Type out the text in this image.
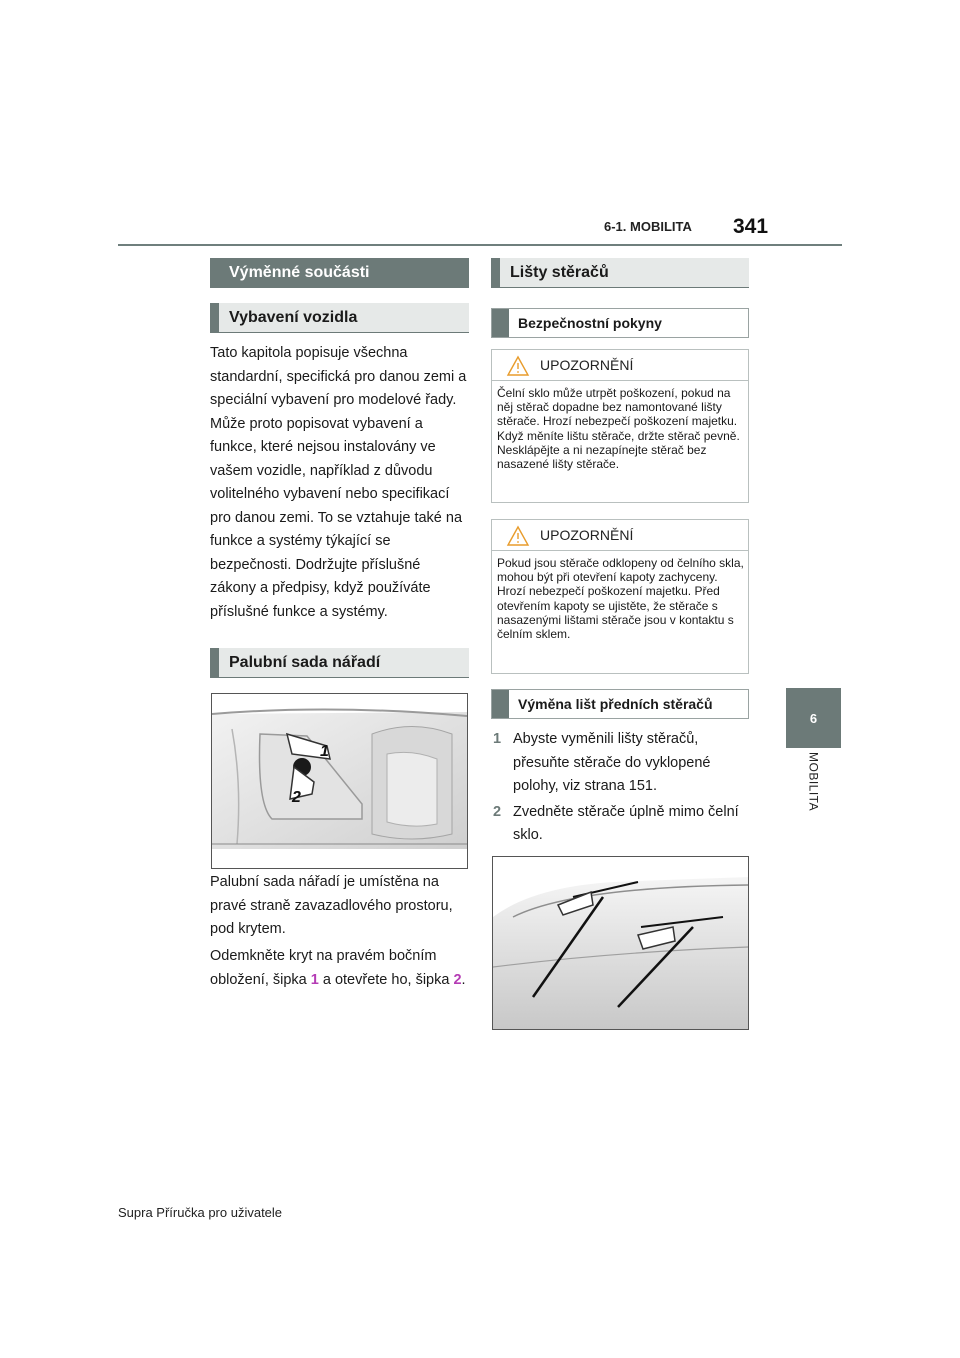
6-1. MOBILITA 341
6
MOBILITA
Výměnné součásti
Vybavení vozidla

Tato kapitola popisuje všechna standardní, specifická pro danou zemi a speciální vybavení pro modelové řady. Může proto popisovat vybavení a funkce, které nejsou instalovány ve vašem vozidle, například z důvodu volitelného vybavení nebo specifikací pro danou zemi. To se vztahuje také na funkce a systémy týkající se bezpečnosti. Dodržujte příslušné zákony a předpisy, když používáte příslušné funkce a systémy.

Palubní sada nářadí
1
2

Palubní sada nářadí je umístěna na pravé straně zavazadlového prostoru, pod krytem.

Odemkněte kryt na pravém bočním obložení, šipka 1 a otevřete ho, šipka 2.

Lišty stěračů
Bezpečnostní pokyny
UPOZORNĚNÍ
Čelní sklo může utrpět poškození, pokud na něj stěrač dopadne bez namontované lišty stěrače. Hrozí nebezpečí poškození majetku. Když měníte lištu stěrače, držte stěrač pevně. Nesklápějte a ni nezapínejte stěrač bez nasazené lišty stěrače.
UPOZORNĚNÍ
Pokud jsou stěrače odklopeny od čelního skla, mohou být při otevření kapoty zachyceny. Hrozí nebezpečí poškození majetku. Před otevřením kapoty se ujistěte, že stěrače s nasazenými lištami stěrače jsou v kontaktu s čelním sklem.
Výměna lišt předních stěračů
1 Abyste vyměnili lišty stěračů, přesuňte stěrače do vyklopené polohy, viz strana 151.
2 Zvedněte stěrače úplně mimo čelní sklo.
Supra Příručka pro uživatele
